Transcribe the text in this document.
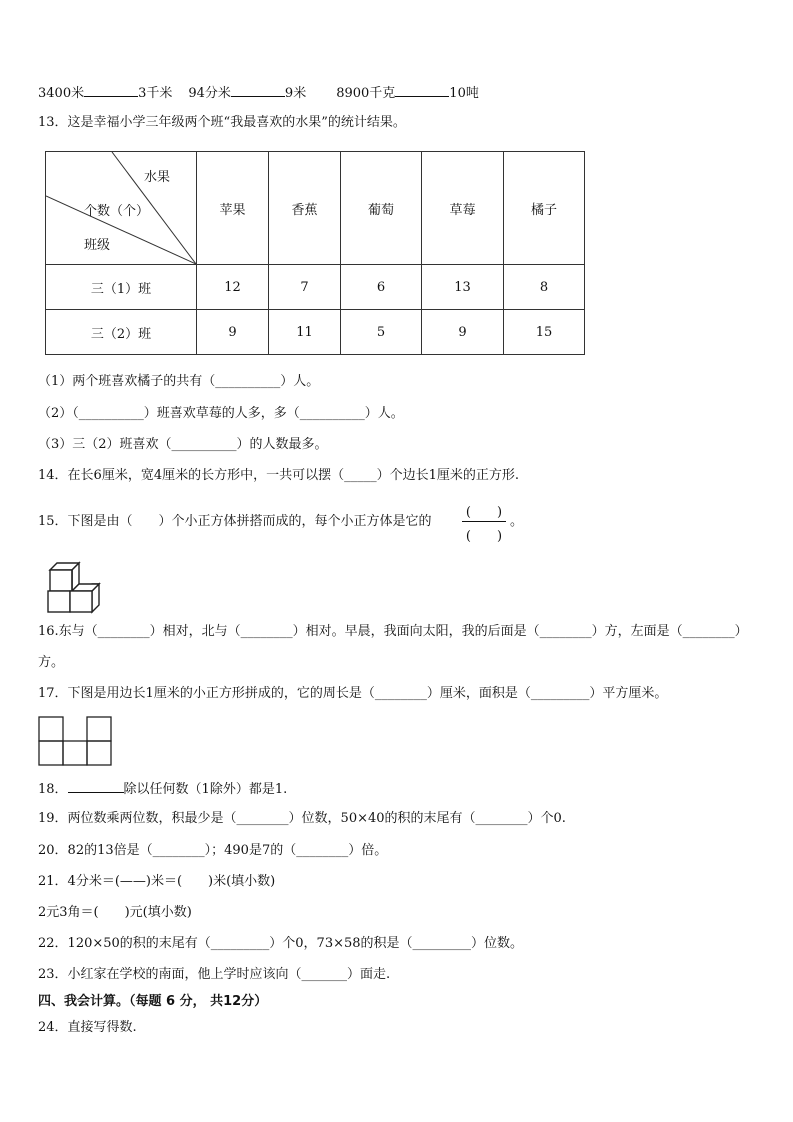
3400米	3千米 94分米	9米 8900千克	10吨
13．这是幸福小学三年级两个班“我最喜欢的水果”的统计结果。
水果
个数（个）
班级	苹果	香蕉	葡萄	草莓	橘子
三（1）班	12	7	6	13	8
三（2）班	9	11	5	9	15
（1）两个班喜欢橘子的共有（__________）人。
（2）（__________）班喜欢草莓的人多，多（__________）人。
（3）三（2）班喜欢（__________）的人数最多。
14．在长6厘米，宽4厘米的长方形中，一共可以摆（_____）个边长1厘米的正方形.
15．下图是由（　　）个小正方体拼搭而成的，每个小正方体是它的
(　　)
(　　)
。
16.东与（________）相对，北与（________）相对。早晨，我面向太阳，我的后面是（________）方，左面是（________）
方。
17．下图是用边长1厘米的小正方形拼成的，它的周长是（________）厘米，面积是（_________）平方厘米。
18．	除以任何数（1除外）都是1.
19．两位数乘两位数，积最少是（________）位数，50×40的积的末尾有（________）个0.
20．82的13倍是（________）；490是7的（________）倍。
21．4分米＝(——)米＝(　　)米(填小数)
2元3角＝(　　)元(填小数)
22．120×50的积的末尾有（_________）个0，73×58的积是（_________）位数。
23．小红家在学校的南面，他上学时应该向（_______）面走.
四、我会计算。（每题 6 分， 共12分）
24．直接写得数.
